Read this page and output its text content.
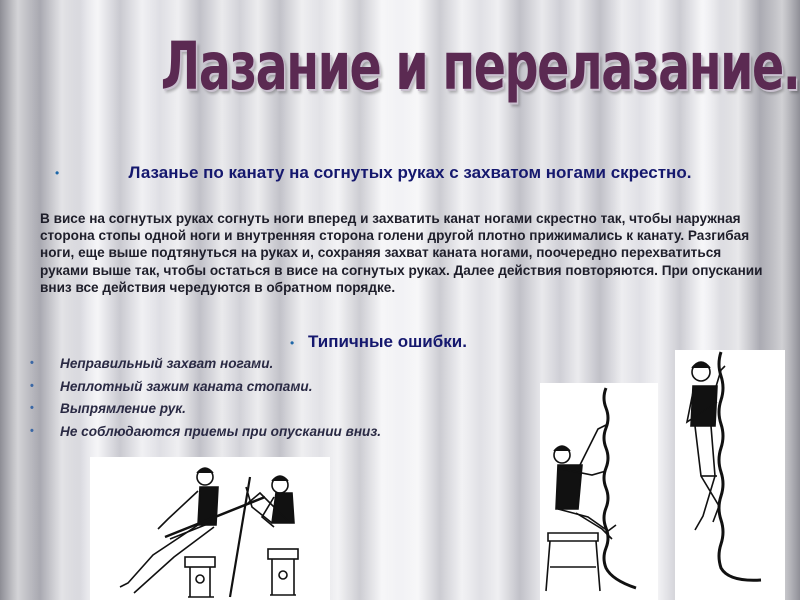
Лазание и перелазание.
•	Лазанье по канату на согнутых руках с захватом ногами скрестно.
В висе на согнутых руках согнуть ноги вперед и захватить канат ногами скрестно так, чтобы наружная сторона стопы одной ноги и внутренняя сторона голени другой плотно прижимались к канату. Разгибая ноги, еще выше подтянуться на руках и, сохраняя захват каната ногами, поочередно перехватиться руками выше так, чтобы остаться в висе на согнутых руках. Далее действия повторяются. При опускании вниз все действия чередуются в обратном порядке.
• Типичные ошибки.
• Неправильный захват ногами.
• Неплотный зажим каната стопами.
• Выпрямление рук.
• Не соблюдаются приемы при опускании вниз.
